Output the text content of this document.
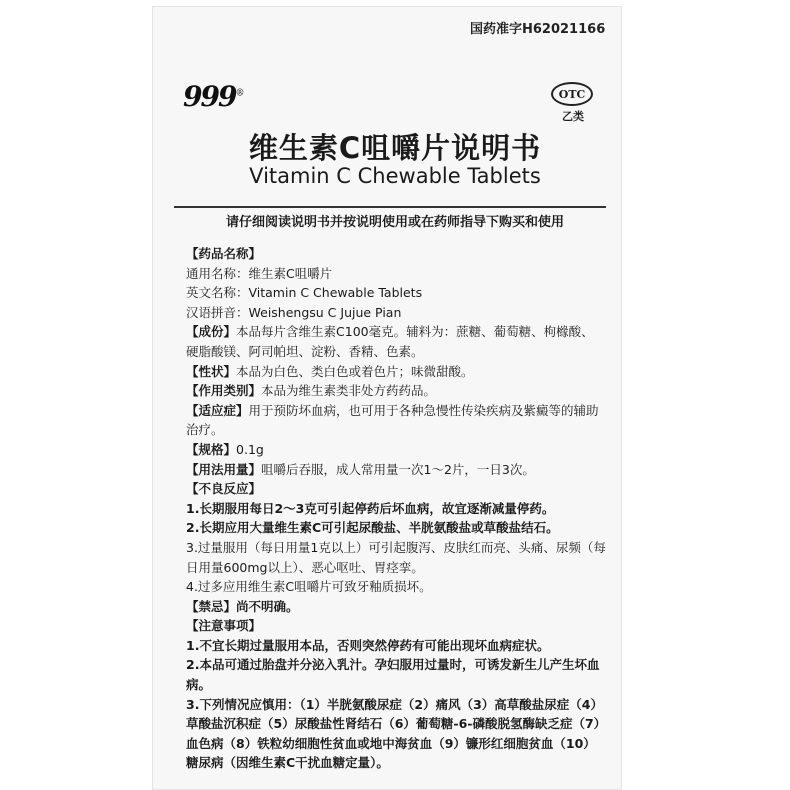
国药准字H62021166
999®	OTC
乙类
维生素C咀嚼片说明书
Vitamin C Chewable Tablets
请仔细阅读说明书并按说明使用或在药师指导下购买和使用
【药品名称】
通用名称：维生素C咀嚼片
英文名称：Vitamin C Chewable Tablets
汉语拼音：Weishengsu C Jujue Pian
【成份】本品每片含维生素C100毫克。辅料为：蔗糖、葡萄糖、枸橼酸、硬脂酸镁、阿司帕坦、淀粉、香精、色素。
【性状】本品为白色、类白色或着色片；味微甜酸。
【作用类别】本品为维生素类非处方药药品。
【适应症】用于预防坏血病，也可用于各种急慢性传染疾病及紫癜等的辅助治疗。
【规格】0.1g
【用法用量】咀嚼后吞服，成人常用量一次1～2片，一日3次。
【不良反应】
1.长期服用每日2～3克可引起停药后坏血病，故宜逐渐减量停药。
2.长期应用大量维生素C可引起尿酸盐、半胱氨酸盐或草酸盐结石。
3.过量服用（每日用量1克以上）可引起腹泻、皮肤红而亮、头痛、尿频（每日用量600mg以上）、恶心呕吐、胃痉挛。
4.过多应用维生素C咀嚼片可致牙釉质损坏。
【禁忌】尚不明确。
【注意事项】
1.不宜长期过量服用本品，否则突然停药有可能出现坏血病症状。
2.本品可通过胎盘并分泌入乳汁。孕妇服用过量时，可诱发新生儿产生坏血病。
3.下列情况应慎用：（1）半胱氨酸尿症（2）痛风（3）高草酸盐尿症（4）草酸盐沉积症（5）尿酸盐性肾结石（6）葡萄糖-6-磷酸脱氢酶缺乏症（7）血色病（8）铁粒幼细胞性贫血或地中海贫血（9）镰形红细胞贫血（10）糖尿病（因维生素C干扰血糖定量）。
